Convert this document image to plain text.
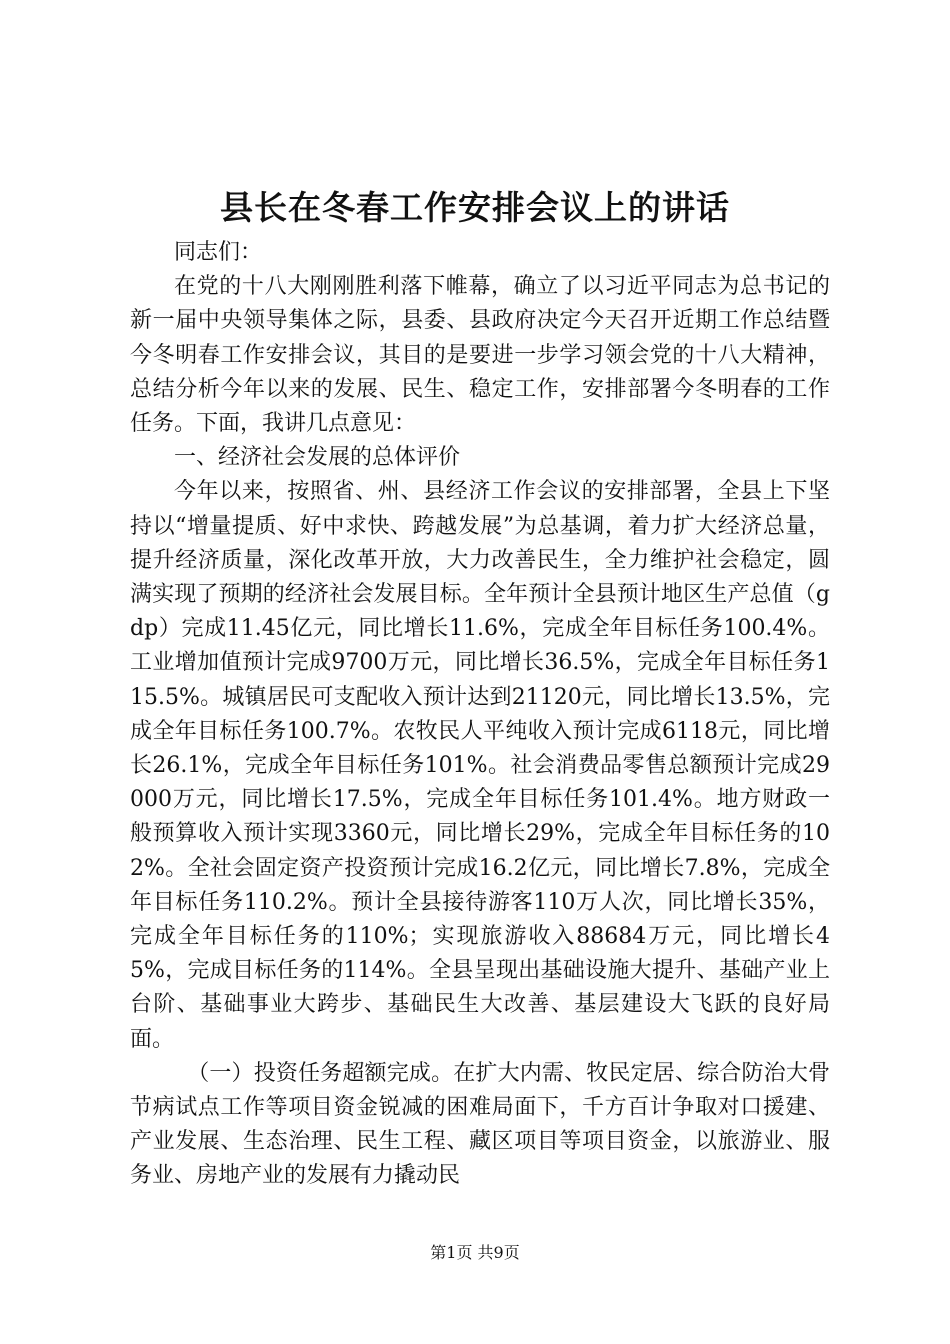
县长在冬春工作安排会议上的讲话

同志们：

在党的十八大刚刚胜利落下帷幕，确立了以习近平同志为总书记的新一届中央领导集体之际，县委、县政府决定今天召开近期工作总结暨今冬明春工作安排会议，其目的是要进一步学习领会党的十八大精神，总结分析今年以来的发展、民生、稳定工作，安排部署今冬明春的工作任务。下面，我讲几点意见：

一、经济社会发展的总体评价

今年以来，按照省、州、县经济工作会议的安排部署，全县上下坚持以“增量提质、好中求快、跨越发展”为总基调，着力扩大经济总量，提升经济质量，深化改革开放，大力改善民生，全力维护社会稳定，圆满实现了预期的经济社会发展目标。全年预计全县预计地区生产总值（gdp）完成11.45亿元，同比增长11.6%，完成全年目标任务100.4%。工业增加值预计完成9700万元，同比增长36.5%，完成全年目标任务115.5%。城镇居民可支配收入预计达到21120元，同比增长13.5%，完成全年目标任务100.7%。农牧民人平纯收入预计完成6118元，同比增长26.1%，完成全年目标任务101%。社会消费品零售总额预计完成29000万元，同比增长17.5%，完成全年目标任务101.4%。地方财政一般预算收入预计实现3360元，同比增长29%，完成全年目标任务的102%。全社会固定资产投资预计完成16.2亿元，同比增长7.8%，完成全年目标任务110.2%。预计全县接待游客110万人次，同比增长35%，完成全年目标任务的110%；实现旅游收入88684万元，同比增长45%，完成目标任务的114%。全县呈现出基础设施大提升、基础产业上台阶、基础事业大跨步、基础民生大改善、基层建设大飞跃的良好局面。

（一）投资任务超额完成。在扩大内需、牧民定居、综合防治大骨节病试点工作等项目资金锐减的困难局面下，千方百计争取对口援建、产业发展、生态治理、民生工程、藏区项目等项目资金，以旅游业、服务业、房地产业的发展有力撬动民

第1页 共9页
